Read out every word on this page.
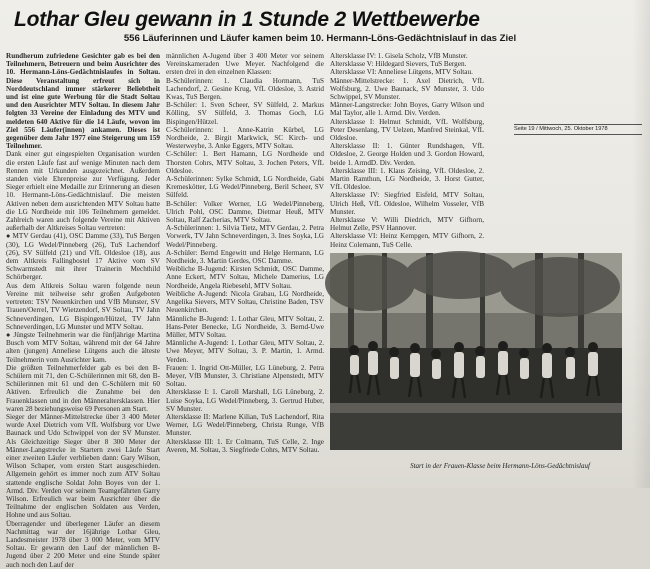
Lothar Gleu gewann in 1 Stunde 2 Wettbewerbe
556 Läuferinnen und Läufer kamen beim 10. Hermann-Löns-Gedächtnislauf in das Ziel

Rundherum zufriedene Gesichter gab es bei den Teilnehmern, Betreuern und beim Ausrichter des 10. Hermann-Löns-Gedächtnislaufes in Soltau. Diese Veranstaltung erfreut sich in Norddeutschland immer stärkerer Beliebtheit und ist eine gute Werbung für die Stadt Soltau und den Ausrichter MTV Soltau. In diesem Jahr folgten 33 Vereine der Einladung des MTV und meldeten 640 Aktive für die 14 Läufe, wovon im Ziel 556 Läufer(innen) ankamen. Dieses ist gegenüber dem Jahr 1977 eine Steigerung um 159 Teilnehmer.

Dank einer gut eingespielten Organisation wurden die ersten Läufe fast auf wenige Minuten nach dem Rennen mit Urkunden ausgezeichnet. Außerdem standen viele Ehrenpreise zur Verfügung. Jeder Sieger erhielt eine Medaille zur Erinnerung an diesen 10. Hermann-Löns-Gedächtnislauf. Die meisten Aktiven neben dem ausrichtenden MTV Soltau hatte die LG Nordheide mit 106 Teilnehmern gemeldet. Zahlreich waren auch folgende Vereine mit Aktiven außerhalb der Altkreises Soltau vertreten:

● MTV Gerdau (41), OSC Damme (33), TuS Bergen (30), LG Wedel/Pinneberg (26), TuS Lachendorf (26), SV Sülfeld (21) und VfL Oldesloe (18), aus dem Altkreis Fallingbostel 17 Aktive vom SV Schwarmstedt mit ihrer Trainerin Mechthild Schörberger.

Aus dem Altkreis Soltau waren folgende neun Vereine mit teilweise sehr großen Aufgeboten vertreten: TSV Neuenkirchen und VfB Munster, SV Trauen/Oerrel, TV Wietzendorf, SV Soltau, TV Jahn Schneverdingen, LG Bispingen/Hützel, TV Jahn Schneverdingen, LG Munster und MTV Soltau.

● Jüngste Teilnehmerin war die fünfjährige Martina Busch vom MTV Soltau, während mit der 64 Jahre alten (jungen) Anneliese Lütgens auch die älteste Teilnehmerin vom Ausrichter kam.

Die größten Teilnehmerfelder gab es bei den B-Schülern mit 71, den C-Schülerinnen mit 68, den B-Schülerinnen mit 61 und den C-Schülern mit 60 Aktiven. Erfreulich die Zunahme bei den Frauenklassen und in den Männeraltersklassen. Hier waren 28 beziehungsweise 69 Personen am Start.

Sieger der Männer-Mittelstrecke über 3 400 Meter wurde Axel Dietrich vom VfL Wolfsburg vor Uwe Baunack und Udo Schwippel von der SV Munster. Als Gleichzeitige Sieger über 8 300 Meter der Männer-Langstrecke in Startern zwei Läufe Start einer zweiten Läufer verblieben dann: Gary Wilson, Wilson Schaper, vom ersten Start ausgeschieden. Allgemein gehört es immer noch zum ATV Soltau stattende englische Soldat John Boyes von der 1. Armd. Div. Verden vor seinem Teamgefährten Garry Wilson. Erfreulich war beim Ausrichter über die Teilnahme der englischen Soldaten aus Verden, Hohne und aus Soltau.

Überragender und überlegener Läufer an diesem Nachmittag war der 16jährige Lothar Gleu, Landesmeister 1978 über 3 000 Meter, vom MTV Soltau. Er gewann den Lauf der männlichen B-Jugend über 2 200 Meter und eine Stunde später auch noch den Lauf der

männlichen A-Jugend über 3 400 Meter vor seinem Vereinskameraden Uwe Meyer. Nachfolgend die ersten drei in den einzelnen Klassen:

B-Schülerinnen: 1. Claudia Hormann, TuS Lachendorf, 2. Gesine Krug, VfL Oldesloe, 3. Astrid Kwas, TuS Bergen.

B-Schüler: 1. Sven Scheer, SV Sülfeld, 2. Markus Kölling, SV Sülfeld, 3. Thomas Goch, LG Bispingen/Hützel.

C-Schülerinnen: 1. Anne-Katrin Kürbel, LG Nordheide, 2. Birgit Markwick, SC Kirch- und Westerweyhe, 3. Anke Eggers, MTV Soltau.

C-Schüler: 1. Bert Hamann, LG Nordheide und Thorsten Cohrs, MTV Soltau, 3. Jochen Peters, VfL Oldesloe.

A-Schülerinnen: Sylke Schmidt, LG Nordheide, Gabi Kremeskötter, LG Wedel/Pinneberg, Beril Scheer, SV Sülfeld.

B-Schüler: Volker Werner, LG Wedel/Pinneberg, Ulrich Pohl, OSC Damme, Dietmar Heuß, MTV Soltau, Ralf Zacherias, MTV Soltau.

A-Schülerinnen: 1. Silvia Tietz, MTV Gerdau, 2. Petra Vorwerk, TV Jahn Schneverdingen, 3. Ines Soyka, LG Wedel/Pinneberg.

A-Schüler: Bernd Engewitt und Helge Hermann, LG Nordheide, 3. Martin Gerdes, OSC Damme.

Weibliche B-Jugend: Kirsten Schmidt, OSC Damme, Anne Eckert, MTV Soltau, Michele Damerius, LG Nordheide, Angela Riebesehl, MTV Soltau.

Weibliche A-Jugend: Nicola Grabau, LG Nordheide, Angelika Sievers, MTV Soltau, Christine Baden, TSV Neuenkirchen.

Männliche B-Jugend: 1. Lothar Gleu, MTV Soltau, 2. Hans-Peter Benecke, LG Nordheide, 3. Bernd-Uwe Müller, MTV Soltau.

Männliche A-Jugend: 1. Lothar Gleu, MTV Soltau, 2. Uwe Meyer, MTV Soltau, 3. P. Martin, 1. Armd. Verden.

Frauen: 1. Ingrid Ott-Müller, LG Lüneburg, 2. Petra Meyer, VfB Munster, 3. Christiane Alpenstedt, MTV Soltau.

Altersklasse I: 1. Caroll Marshall, LG Lüneburg, 2. Luise Soyka, LG Wedel/Pinneberg, 3. Gertrud Huber, SV Munster.

Altersklasse II: Marlene Kilian, TuS Lachendorf, Rita Werner, LG Wedel/Pinneberg, Christa Runge, VfB Munster.

Altersklasse III: 1. Er Colmann, TuS Celle, 2. Inge Averen, M. Soltau, 3. Siegfriede Cohrs, MTV Soltau.

Altersklasse IV: 1. Gisela Scholz, VfB Munster.

Altersklasse V: Hildegard Sievers, TuS Bergen.

Altersklasse VI: Anneliese Lütgens, MTV Soltau.

Männer-Mittelstrecke: 1. Axel Dietrich, VfL Wolfsburg, 2. Uwe Baunack, SV Munster, 3. Udo Schwippel, SV Munster.

Männer-Langstrecke: John Boyes, Garry Wilson und Mal Taylor, alle 1. Armd. Div. Verden.

Altersklasse I: Helmut Schmidt, VfL Wolfsburg, Peter Desenlang, TV Uelzen, Manfred Steinkal, VfL Oldesloe.

Altersklasse II: 1. Günter Rundshagen, VfL Oldesloe, 2. George Holden und 3. Gordon Howard, beide 1. ArmdD. Div. Verden.

Altersklasse III: 1. Klaus Zeising, VfL Oldesloe, 2. Martin Ramthun, LG Nordheide, 3. Horst Gutter, VfL Oldesloe.

Altersklasse IV: Siegfried Eisfeld, MTV Soltau, Ulrich Heß, VfL Oldesloe, Wilhelm Vosseler, VfB Munster.

Altersklasse V: Willi Diedrich, MTV Gifhorn, Helmut Zelle, PSV Hannover.

Altersklasse VI: Heinz Kempgen, MTV Gifhorn, 2. Heinz Colemann, TuS Celle.

Seite 19 / Mittwoch, 25. Oktober 1978
Start in der Frauen-Klasse beim Hermann-Löns-Gedächtnislauf
